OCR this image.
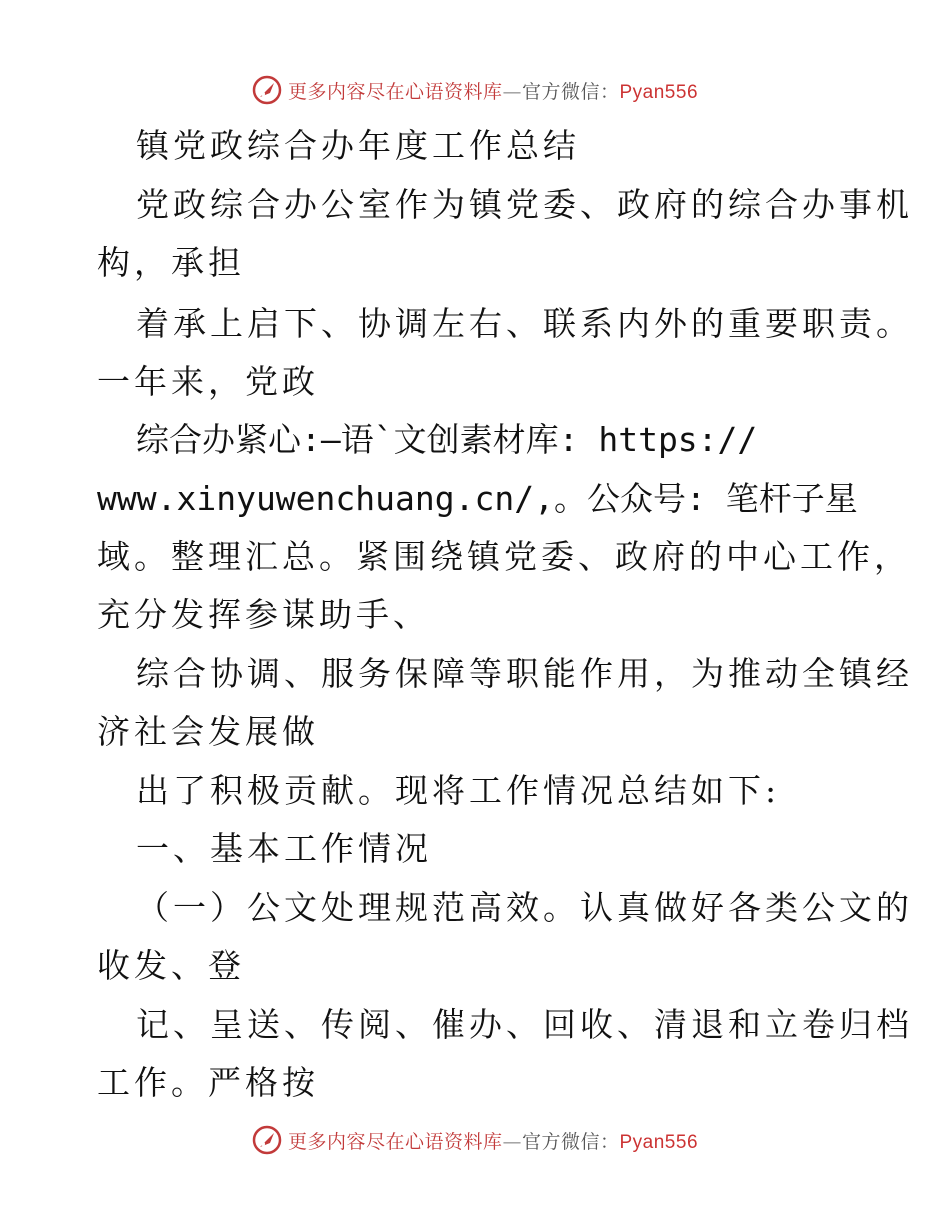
更多内容尽在心语资料库—官方微信：Pyan556
镇党政综合办年度工作总结
党政综合办公室作为镇党委、政府的综合办事机
构，承担
着承上启下、协调左右、联系内外的重要职责。
一年来，党政
综合办紧心:—语`文创素材库: https://
www.xinyuwenchuang.cn/,。公众号: 笔杆子星
域。整理汇总。紧围绕镇党委、政府的中心工作，
充分发挥参谋助手、
综合协调、服务保障等职能作用，为推动全镇经
济社会发展做
出了积极贡献。现将工作情况总结如下:
一、基本工作情况
（一）公文处理规范高效。认真做好各类公文的
收发、登
记、呈送、传阅、催办、回收、清退和立卷归档
工作。严格按
更多内容尽在心语资料库—官方微信：Pyan556
